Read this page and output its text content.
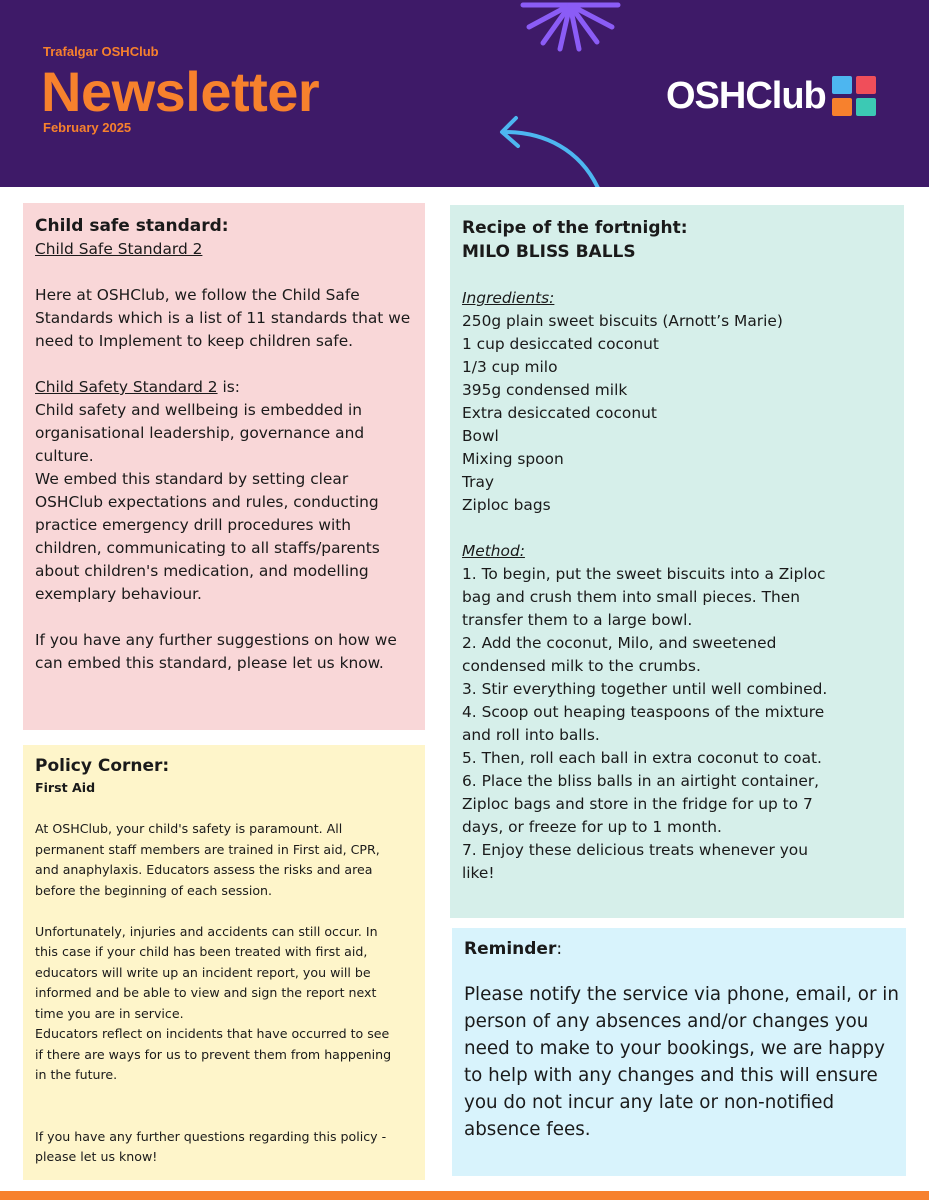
Trafalgar OSHClub
Newsletter
February 2025
OSHClub
Child safe standard:
Child Safe Standard 2
Here at OSHClub, we follow the Child Safe
Standards which is a list of 11 standards that we
need to Implement to keep children safe.
Child Safety Standard 2 is:
Child safety and wellbeing is embedded in
organisational leadership, governance and
culture.
We embed this standard by setting clear
OSHClub expectations and rules, conducting
practice emergency drill procedures with
children, communicating to all staffs/parents
about children's medication, and modelling
exemplary behaviour.
If you have any further suggestions on how we
can embed this standard, please let us know.
Policy Corner:
First Aid
At OSHClub, your child's safety is paramount. All
permanent staff members are trained in First aid, CPR,
and anaphylaxis. Educators assess the risks and area
before the beginning of each session.
Unfortunately, injuries and accidents can still occur. In
this case if your child has been treated with first aid,
educators will write up an incident report, you will be
informed and be able to view and sign the report next
time you are in service.
Educators reflect on incidents that have occurred to see
if there are ways for us to prevent them from happening
in the future.
If you have any further questions regarding this policy -
please let us know!
Recipe of the fortnight:
MILO BLISS BALLS
Ingredients:
250g plain sweet biscuits (Arnott’s Marie)
1 cup desiccated coconut
1/3 cup milo
395g condensed milk
Extra desiccated coconut
Bowl
Mixing spoon
Tray
Ziploc bags
Method:
1. To begin, put the sweet biscuits into a Ziploc
bag and crush them into small pieces. Then
transfer them to a large bowl.
2. Add the coconut, Milo, and sweetened
condensed milk to the crumbs.
3. Stir everything together until well combined.
4. Scoop out heaping teaspoons of the mixture
and roll into balls.
5. Then, roll each ball in extra coconut to coat.
6. Place the bliss balls in an airtight container,
Ziploc bags and store in the fridge for up to 7
days, or freeze for up to 1 month.
7. Enjoy these delicious treats whenever you
like!
Reminder:
Please notify the service via phone, email, or in
person of any absences and/or changes you
need to make to your bookings, we are happy
to help with any changes and this will ensure
you do not incur any late or non-notified
absence fees.
